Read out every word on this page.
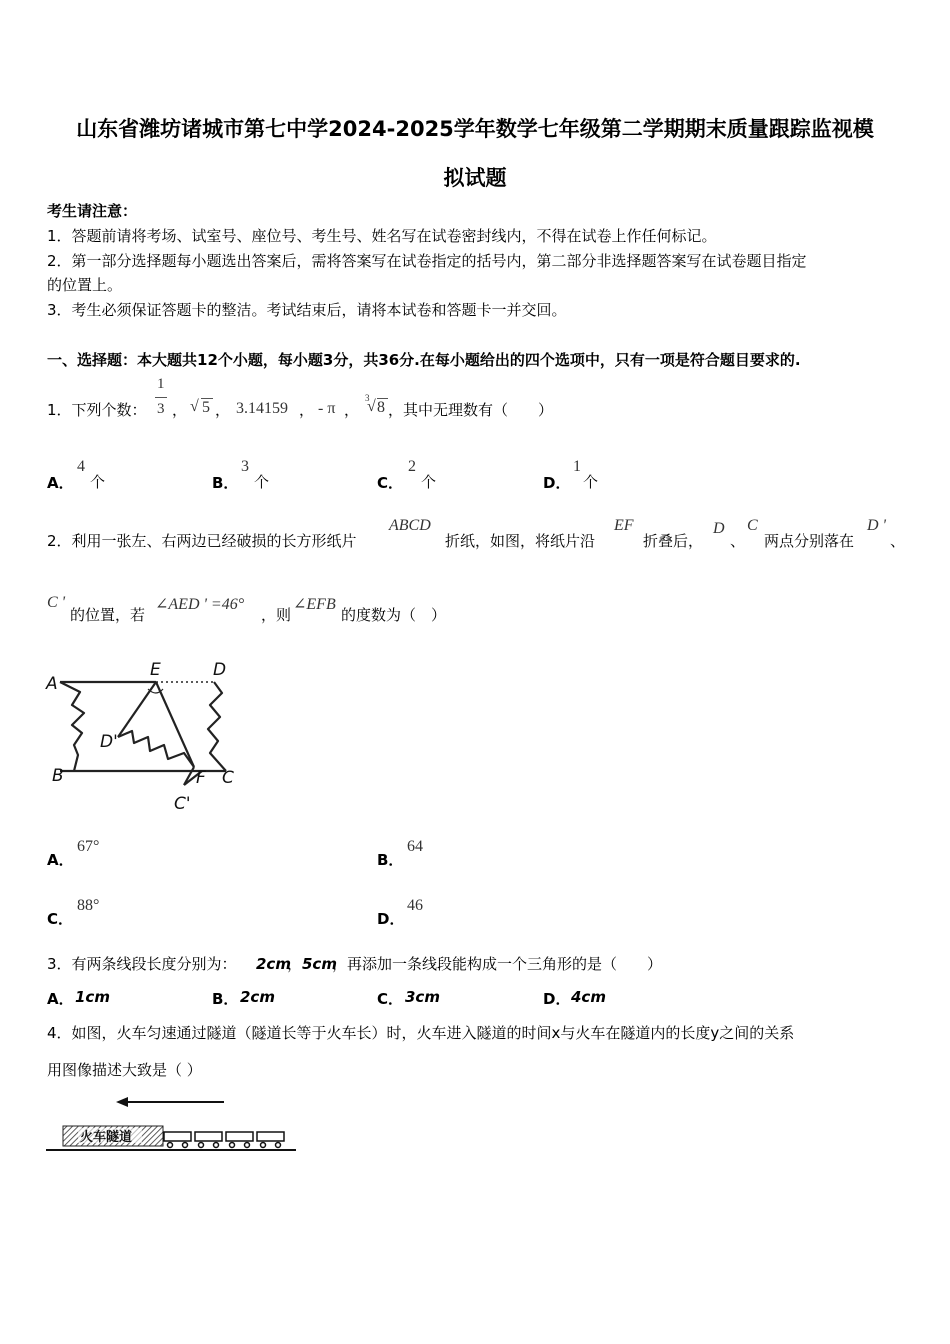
山东省潍坊诸城市第七中学2024-2025学年数学七年级第二学期期末质量跟踪监视模
拟试题
考生请注意：
1．答题前请将考场、试室号、座位号、考生号、姓名写在试卷密封线内，不得在试卷上作任何标记。
2．第一部分选择题每小题选出答案后，需将答案写在试卷指定的括号内，第二部分非选择题答案写在试卷题目指定
的位置上。
3．考生必须保证答题卡的整洁。考试结束后，请将本试卷和答题卡一并交回。
一、选择题：本大题共12个小题，每小题3分，共36分.在每小题给出的四个选项中，只有一项是符合题目要求的.
1．下列个数：
1
3 ， √ 5 ， 3.14159 ， - π ，
3
√ 8 ，其中无理数有（　　）
A．
4
个	B．
3
个	C．
2
个	D．
1
个
2．利用一张左、右两边已经破损的长方形纸片
ABCD
折纸，如图，将纸片沿
EF
折叠后，
D
、
C
两点分别落在
D '
、
C '
的位置，若
∠AED ' =46°
，则
∠EFB
的度数为（　）
A
E	D
D'
B	F C
C'
A．
67°
B．
64
C．
88°
D．
46
3．有两条线段长度分别为： 2cm
， 5cm
，再添加一条线段能构成一个三角形的是（　　）
A． 1cm	B． 2cm	C． 3cm	D． 4cm
4．如图，火车匀速通过隧道（隧道长等于火车长）时，火车进入隧道的时间x与火车在隧道内的长度y之间的关系
用图像描述大致是（ ）
火车隧道
